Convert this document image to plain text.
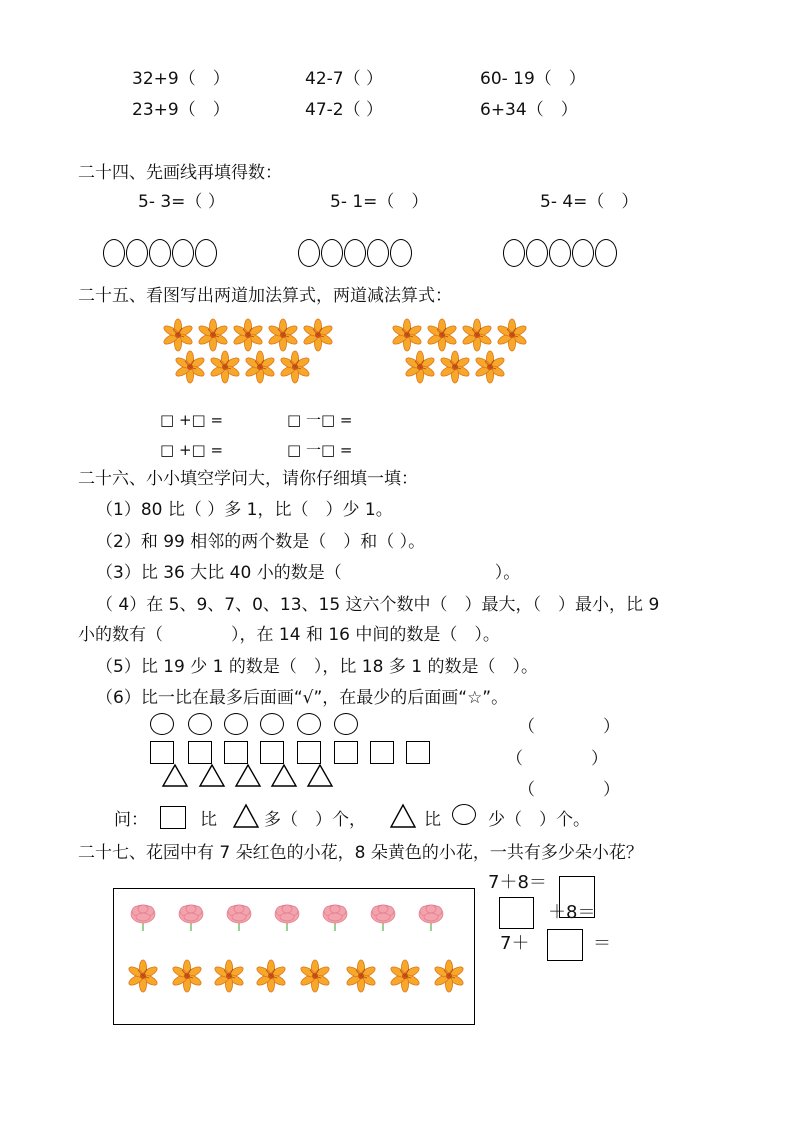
32+9（　）	42-7（ ）	60- 19（　）
23+9（　）	47-2（ ）	6+34（　）
二十四、先画线再填得数：
5- 3=（ ）	5- 1=（　）	5- 4=（　）
二十五、看图写出两道加法算式，两道减法算式：
□ +□ =	□ 一□ =
□ +□ =	□ 一□ =
二十六、小小填空学问大，请你仔细填一填：
（1）80 比（ ）多 1，比（　）少 1。
（2）和 99 相邻的两个数是（　）和（ ）。
（3）比 36 大比 40 小的数是（　　　　　　　　　）。
（ 4）在 5、9、7、0、13、15 这六个数中（　）最大，（　）最小，比 9
小的数有（　　　　），在 14 和 16 中间的数是（　）。
（5）比 19 少 1 的数是（　），比 18 多 1 的数是（　）。
（6）比一比在最多后面画“√”，在最少的后面画“☆”。
（　　　　）
（　　　　）
（　　　　）
问：	比	多（　）个，	比	少（　）个。
二十七、花园中有 7 朵红色的小花，8 朵黄色的小花，一共有多少朵小花？
7＋8＝
＋8＝
7＋	＝
